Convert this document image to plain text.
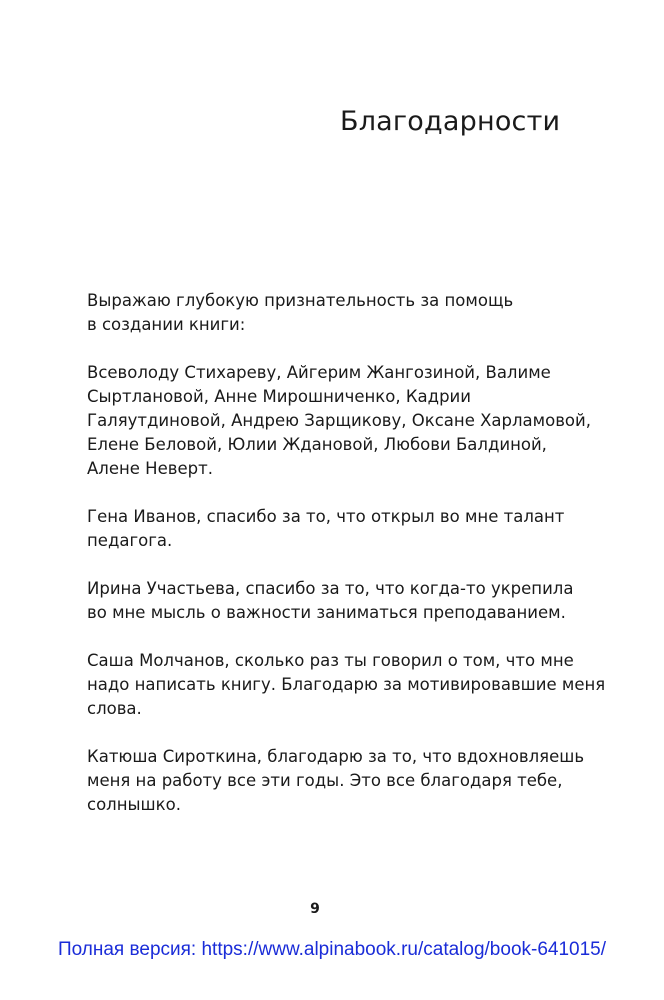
Благодарности

Выражаю глубокую признательность за помощь
в создании книги:

Всеволоду Стихареву, Айгерим Жангозиной, Валиме
Сыртлановой, Анне Мирошниченко, Кадрии
Галяутдиновой, Андрею Зарщикову, Оксане Харламовой,
Елене Беловой, Юлии Ждановой, Любови Балдиной,
Алене Неверт.

Гена Иванов, спасибо за то, что открыл во мне талант
педагога.

Ирина Участьева, спасибо за то, что когда-то укрепила
во мне мысль о важности заниматься преподаванием.

Саша Молчанов, сколько раз ты говорил о том, что мне
надо написать книгу. Благодарю за мотивировавшие меня
слова.

Катюша Сироткина, благодарю за то, что вдохновляешь
меня на работу все эти годы. Это все благодаря тебе,
солнышко.

9
Полная версия: https://www.alpinabook.ru/catalog/book-641015/
